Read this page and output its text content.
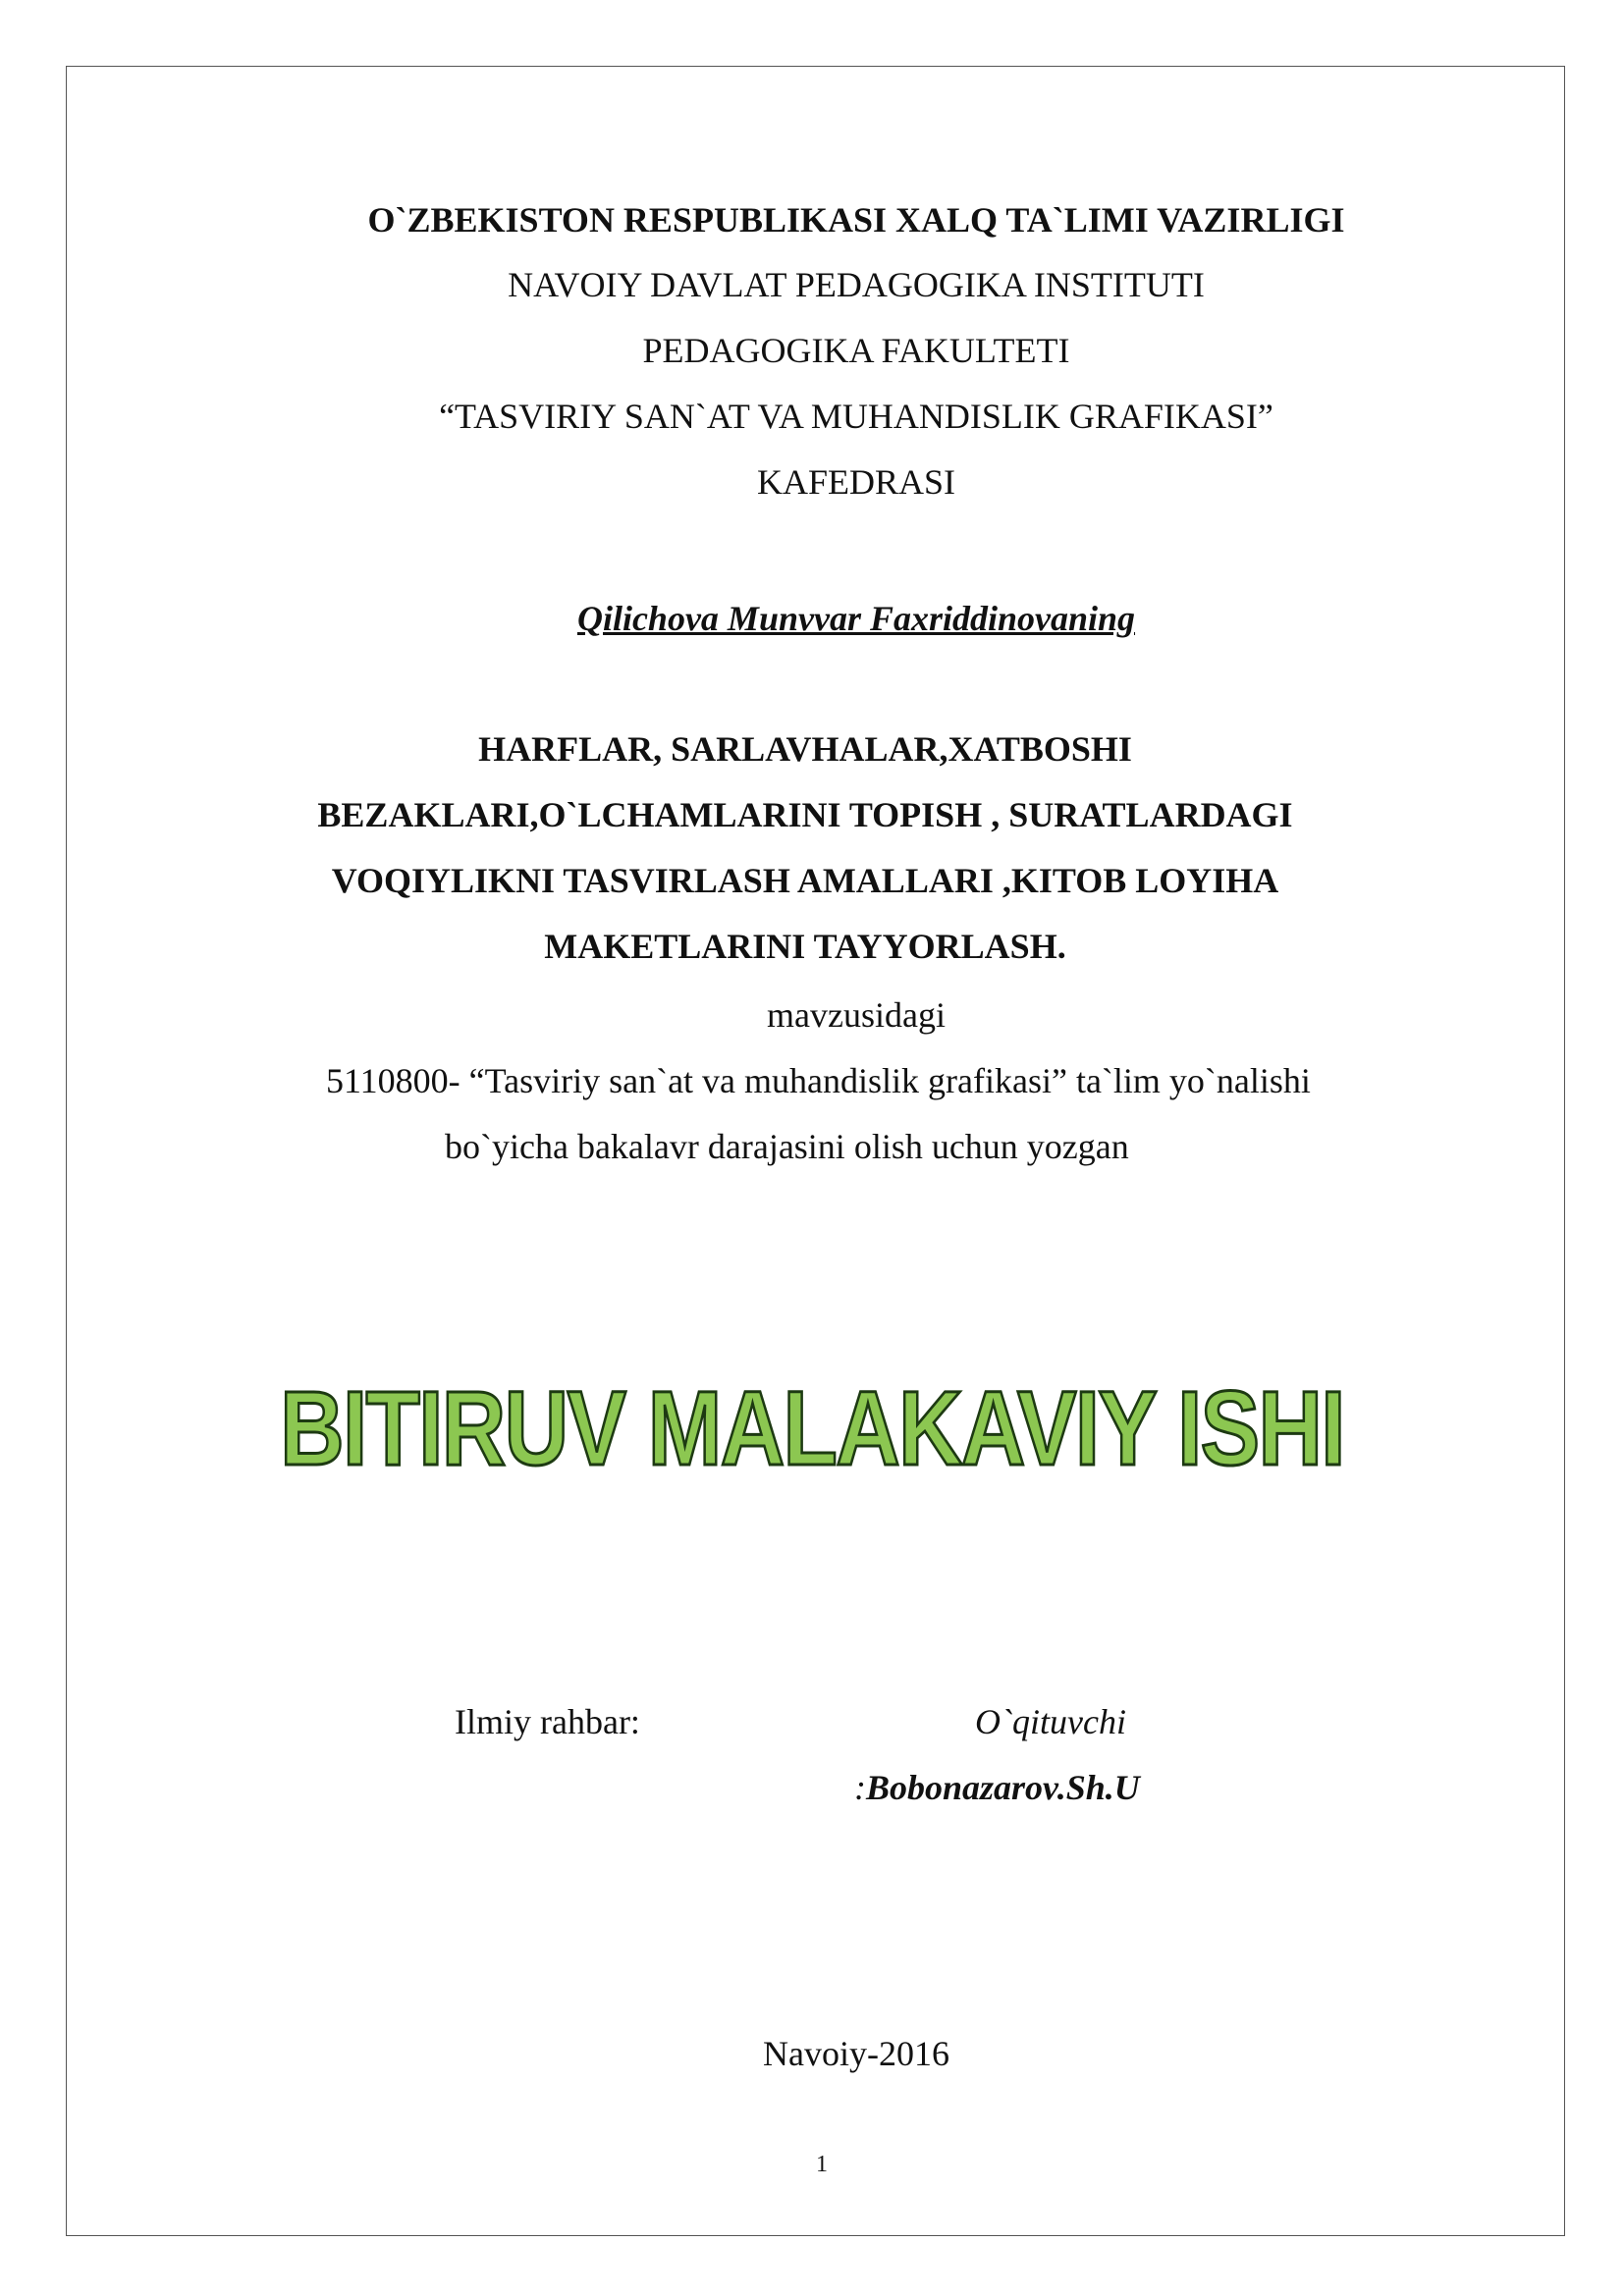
O`ZBEKISTON RESPUBLIKASI XALQ TA`LIMI VAZIRLIGI
NAVOIY DAVLAT PEDAGOGIKA INSTITUTI
PEDAGOGIKA FAKULTETI
“TASVIRIY SAN`AT VA MUHANDISLIK GRAFIKASI”
KAFEDRASI
Qilichova Munvvar Faxriddinovaning
HARFLAR, SARLAVHALAR,XATBOSHI
BEZAKLARI,O`LCHAMLARINI TOPISH , SURATLARDAGI
VOQIYLIKNI TASVIRLASH AMALLARI ,KITOB LOYIHA
MAKETLARINI TAYYORLASH.
mavzusidagi
5110800- “Tasviriy san`at va muhandislik grafikasi” ta`lim yo`nalishi
bo`yicha bakalavr darajasini olish uchun yozgan
BITIRUV MALAKAVIY ISHI
Ilmiy rahbar:	O`qituvchi
:Bobonazarov.Sh.U
Navoiy-2016
1
